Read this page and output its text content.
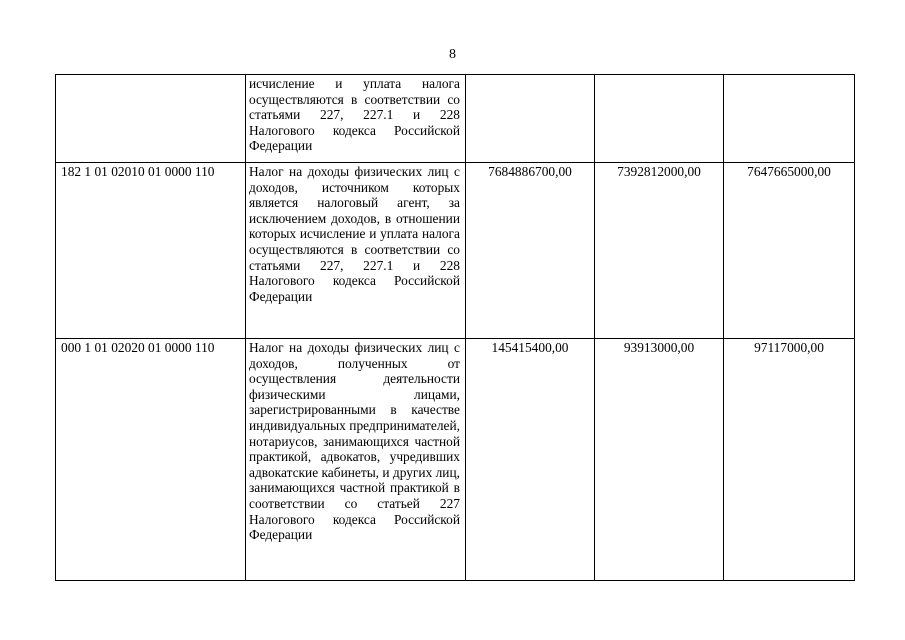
8
	исчисление и уплата налога осуществляются в соответствии со статьями 227, 227.1 и 228 Налогового кодекса Российской Федерации			
182 1 01 02010 01 0000 110	Налог на доходы физических лиц с доходов, источником которых является налоговый агент, за исключением доходов, в отношении которых исчисление и уплата налога осуществляются в соответствии со статьями 227, 227.1 и 228 Налогового кодекса Российской Федерации	7684886700,00	7392812000,00	7647665000,00
000 1 01 02020 01 0000 110	Налог на доходы физических лиц с доходов, полученных от осуществления деятельности физическими лицами, зарегистрированными в качестве индивидуальных предпринимателей, нотариусов, занимающихся частной практикой, адвокатов, учредивших адвокатские кабинеты, и других лиц, занимающихся частной практикой в соответствии со статьей 227 Налогового кодекса Российской Федерации	145415400,00	93913000,00	97117000,00
